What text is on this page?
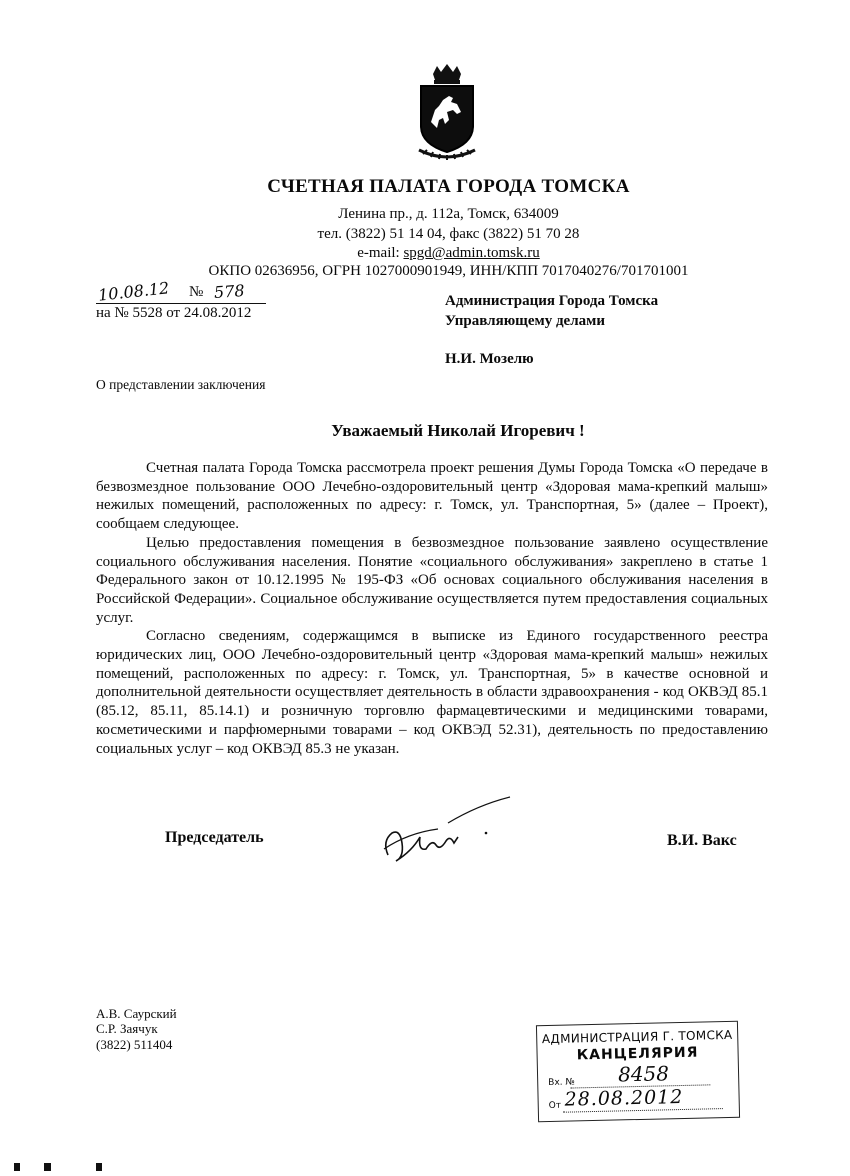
СЧЕТНАЯ ПАЛАТА ГОРОДА ТОМСКА
Ленина пр., д. 112а, Томск, 634009
тел. (3822) 51 14 04, факс (3822) 51 70 28
e-mail: spgd@admin.tomsk.ru
ОКПО 02636956, ОГРН 1027000901949, ИНН/КПП 7017040276/701701001
10.08.12 № 578
на № 5528 от 24.08.2012
Администрация Города Томска
Управляющему делами
Н.И. Мозелю
О представлении заключения
Уважаемый Николай Игоревич !

Счетная палата Города Томска рассмотрела проект решения Думы Города Томска «О передаче в безвозмездное пользование ООО Лечебно-оздоровительный центр «Здоровая мама-крепкий малыш» нежилых помещений, расположенных по адресу: г. Томск, ул. Транспортная, 5» (далее – Проект), сообщаем следующее.

Целью предоставления помещения в безвозмездное пользование заявлено осуществление социального обслуживания населения. Понятие «социального обслуживания» закреплено в статье 1 Федерального закон от 10.12.1995 № 195-ФЗ «Об основах социального обслуживания населения в Российской Федерации». Социальное обслуживание осуществляется путем предоставления социальных услуг.

Согласно сведениям, содержащимся в выписке из Единого государственного реестра юридических лиц, ООО Лечебно-оздоровительный центр «Здоровая мама-крепкий малыш» нежилых помещений, расположенных по адресу: г. Томск, ул. Транспортная, 5» в качестве основной и дополнительной деятельности осуществляет деятельность в области здравоохранения - код ОКВЭД 85.1 (85.12, 85.11, 85.14.1) и розничную торговлю фармацевтическими и медицинскими товарами, косметическими и парфюмерными товарами – код ОКВЭД 52.31), деятельность по предоставлению социальных услуг – код ОКВЭД 85.3 не указан.

Председатель	В.И. Вакс
А.В. Саурский
С.Р. Заячук
(3822) 511404	АДМИНИСТРАЦИЯ Г. ТОМСКА
КАНЦЕЛЯРИЯ
Вх. № 8458
От 28.08.2012
